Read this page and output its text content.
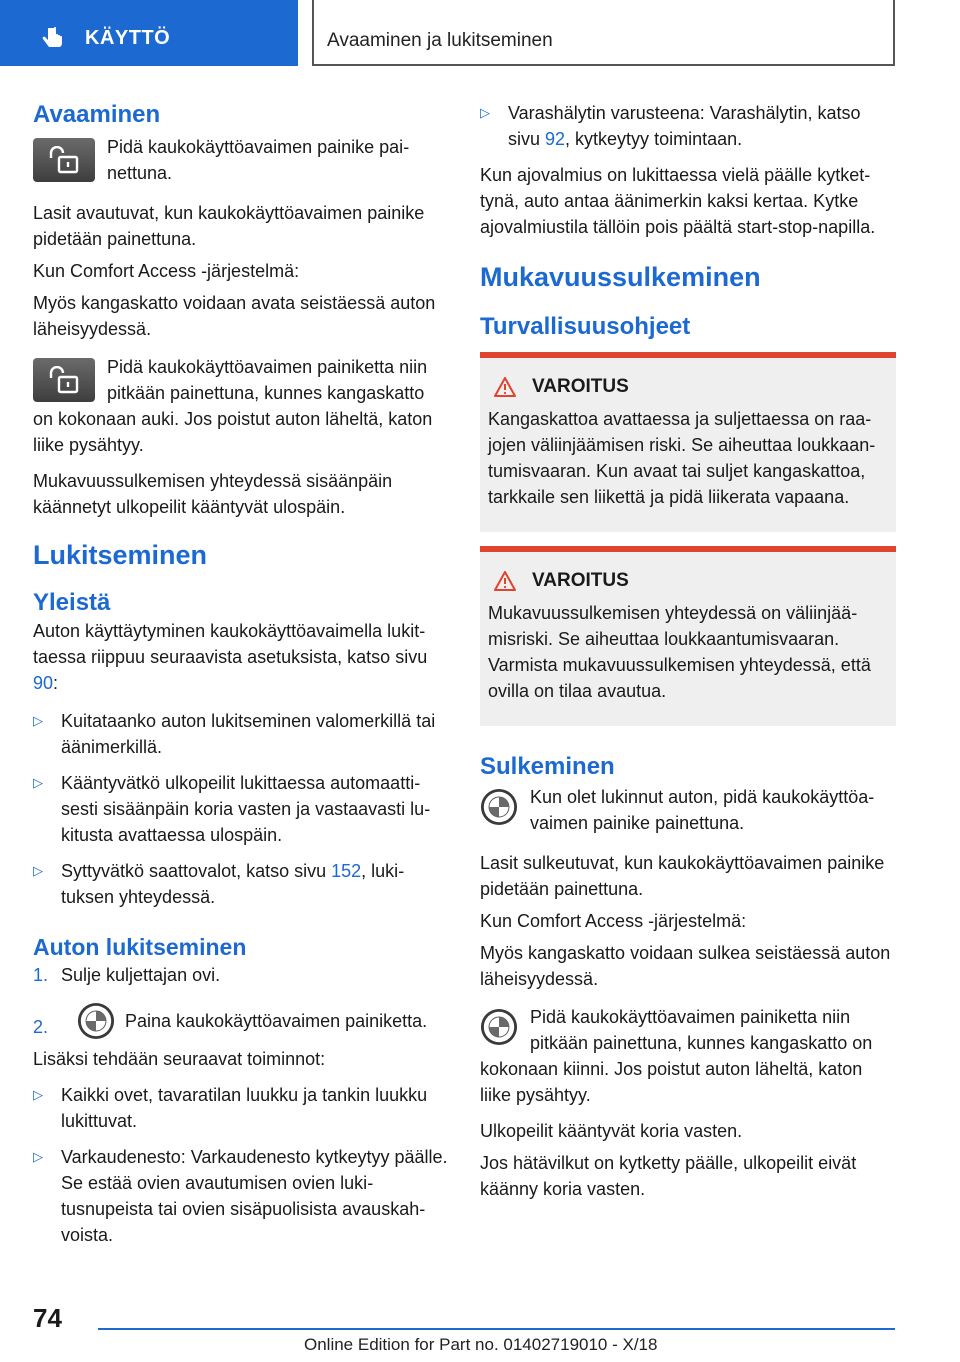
KÄYTTÖ	Avaaminen ja lukitseminen
Avaaminen

Pidä kaukokäyttöavaimen painike painettuna.

Lasit avautuvat, kun kaukokäyttöavaimen painike pidetään painettuna.

Kun Comfort Access -järjestelmä:

Myös kangaskatto voidaan avata seistäessä auton läheisyydessä.

Pidä kaukokäyttöavaimen painiketta niin pitkään painettuna, kunnes kangaskatto on kokonaan auki. Jos poistut auton läheltä, katon liike pysähtyy.

Mukavuussulkemisen yhteydessä sisäänpäin käännetyt ulkopeilit kääntyvät ulospäin.

Lukitseminen
Yleistä

Auton käyttäytyminen kaukokäyttöavaimella lukittaessa riippuu seuraavista asetuksista, katso sivu 90:

▷ Kuitataanko auton lukitseminen valomerkillä tai äänimerkillä.
▷ Kääntyvätkö ulkopeilit lukittaessa automaattisesti sisäänpäin koria vasten ja vastaavasti lukitusta avattaessa ulospäin.
▷ Syttyvätkö saattovalot, katso sivu 152, lukituksen yhteydessä.
Auton lukitseminen
1. Sulje kuljettajan ovi.
2.	Paina kaukokäyttöavaimen painiketta.

Lisäksi tehdään seuraavat toiminnot:

▷ Kaikki ovet, tavaratilan luukku ja tankin luukku lukittuvat.
▷ Varkaudenesto: Varkaudenesto kytkeytyy päälle. Se estää ovien avautumisen ovien lukitusnupeista tai ovien sisäpuolisista avauskahvoista.
▷ Varashälytin varusteena: Varashälytin, katso sivu 92, kytkeytyy toimintaan.

Kun ajovalmius on lukittaessa vielä päälle kytkettynä, auto antaa äänimerkin kaksi kertaa. Kytke ajovalmiustila tällöin pois päältä start-stop-napilla.

Mukavuussulkeminen
Turvallisuusohjeet
VAROITUS

Kangaskattoa avattaessa ja suljettaessa on raajojen väliinjäämisen riski. Se aiheuttaa loukkaantumisvaaran. Kun avaat tai suljet kangaskattoa, tarkkaile sen liikettä ja pidä liikerata vapaana.

VAROITUS

Mukavuussulkemisen yhteydessä on väliinjäämisriski. Se aiheuttaa loukkaantumisvaaran. Varmista mukavuussulkemisen yhteydessä, että ovilla on tilaa avautua.

Sulkeminen

Kun olet lukinnut auton, pidä kaukokäyttöavaimen painike painettuna.

Lasit sulkeutuvat, kun kaukokäyttöavaimen painike pidetään painettuna.

Kun Comfort Access -järjestelmä:

Myös kangaskatto voidaan sulkea seistäessä auton läheisyydessä.

Pidä kaukokäyttöavaimen painiketta niin pitkään painettuna, kunnes kangaskatto on kokonaan kiinni. Jos poistut auton läheltä, katon liike pysähtyy.

Ulkopeilit kääntyvät koria vasten.

Jos hätävilkut on kytketty päälle, ulkopeilit eivät käänny koria vasten.

74
Online Edition for Part no. 01402719010 - X/18
